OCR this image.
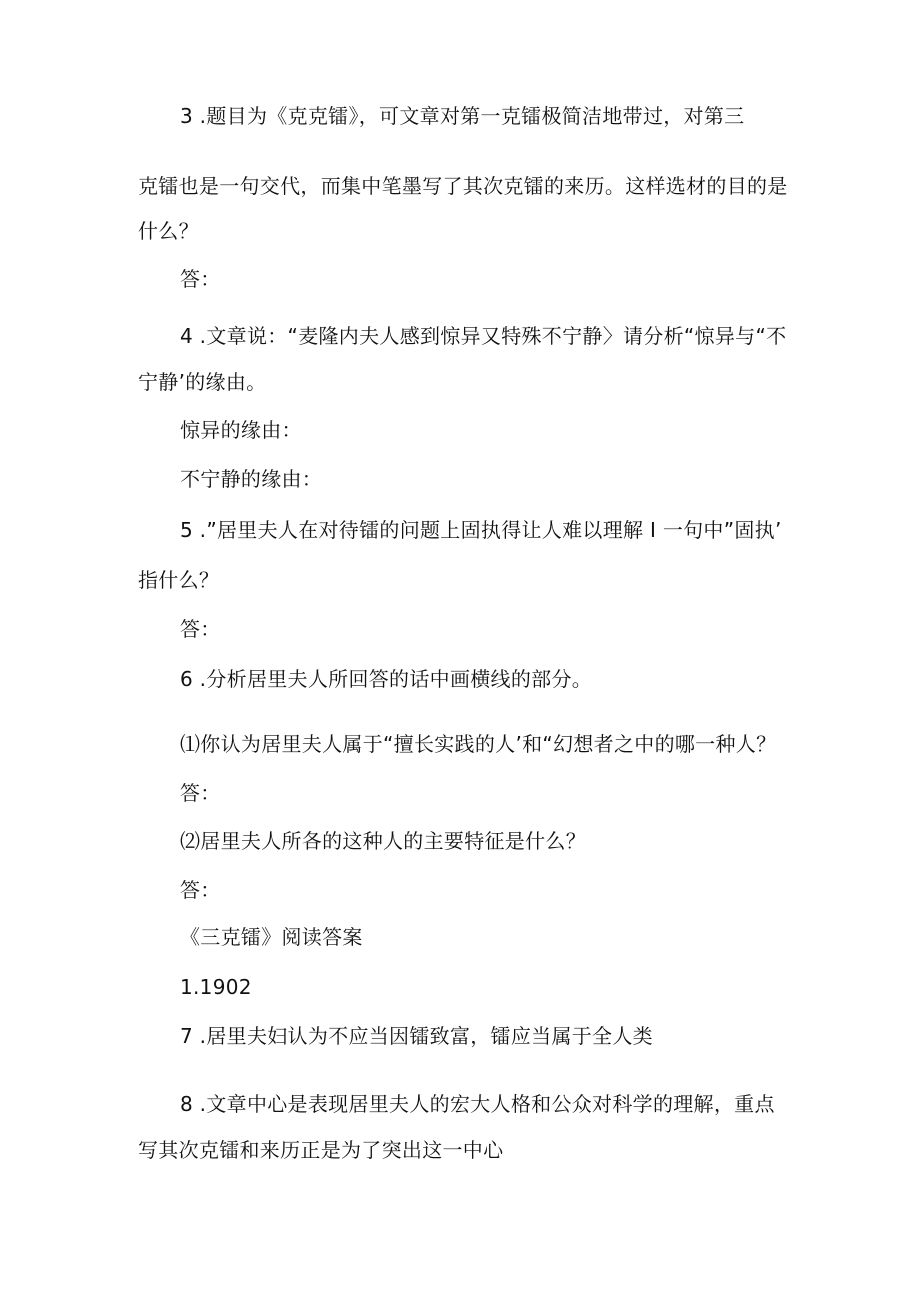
3 .题目为《克克镭》，可文章对第一克镭极简洁地带过，对第三
克镭也是一句交代，而集中笔墨写了其次克镭的来历。这样选材的目的是
什么？
答：
4 .文章说：“麦隆内夫人感到惊异又特殊不宁静〉请分析“惊异与“不
宁静’的缘由。
惊异的缘由：
不宁静的缘由：
5 .”居里夫人在对待镭的问题上固执得让人难以理解 I 一句中”固执’
指什么？
答：
6 .分析居里夫人所回答的话中画横线的部分。
⑴你认为居里夫人属于“擅长实践的人’和“幻想者之中的哪一种人？
答：
⑵居里夫人所各的这种人的主要特征是什么？
答：
《三克镭》阅读答案
1.1902
7 .居里夫妇认为不应当因镭致富，镭应当属于全人类
8 .文章中心是表现居里夫人的宏大人格和公众对科学的理解，重点
写其次克镭和来历正是为了突出这一中心
